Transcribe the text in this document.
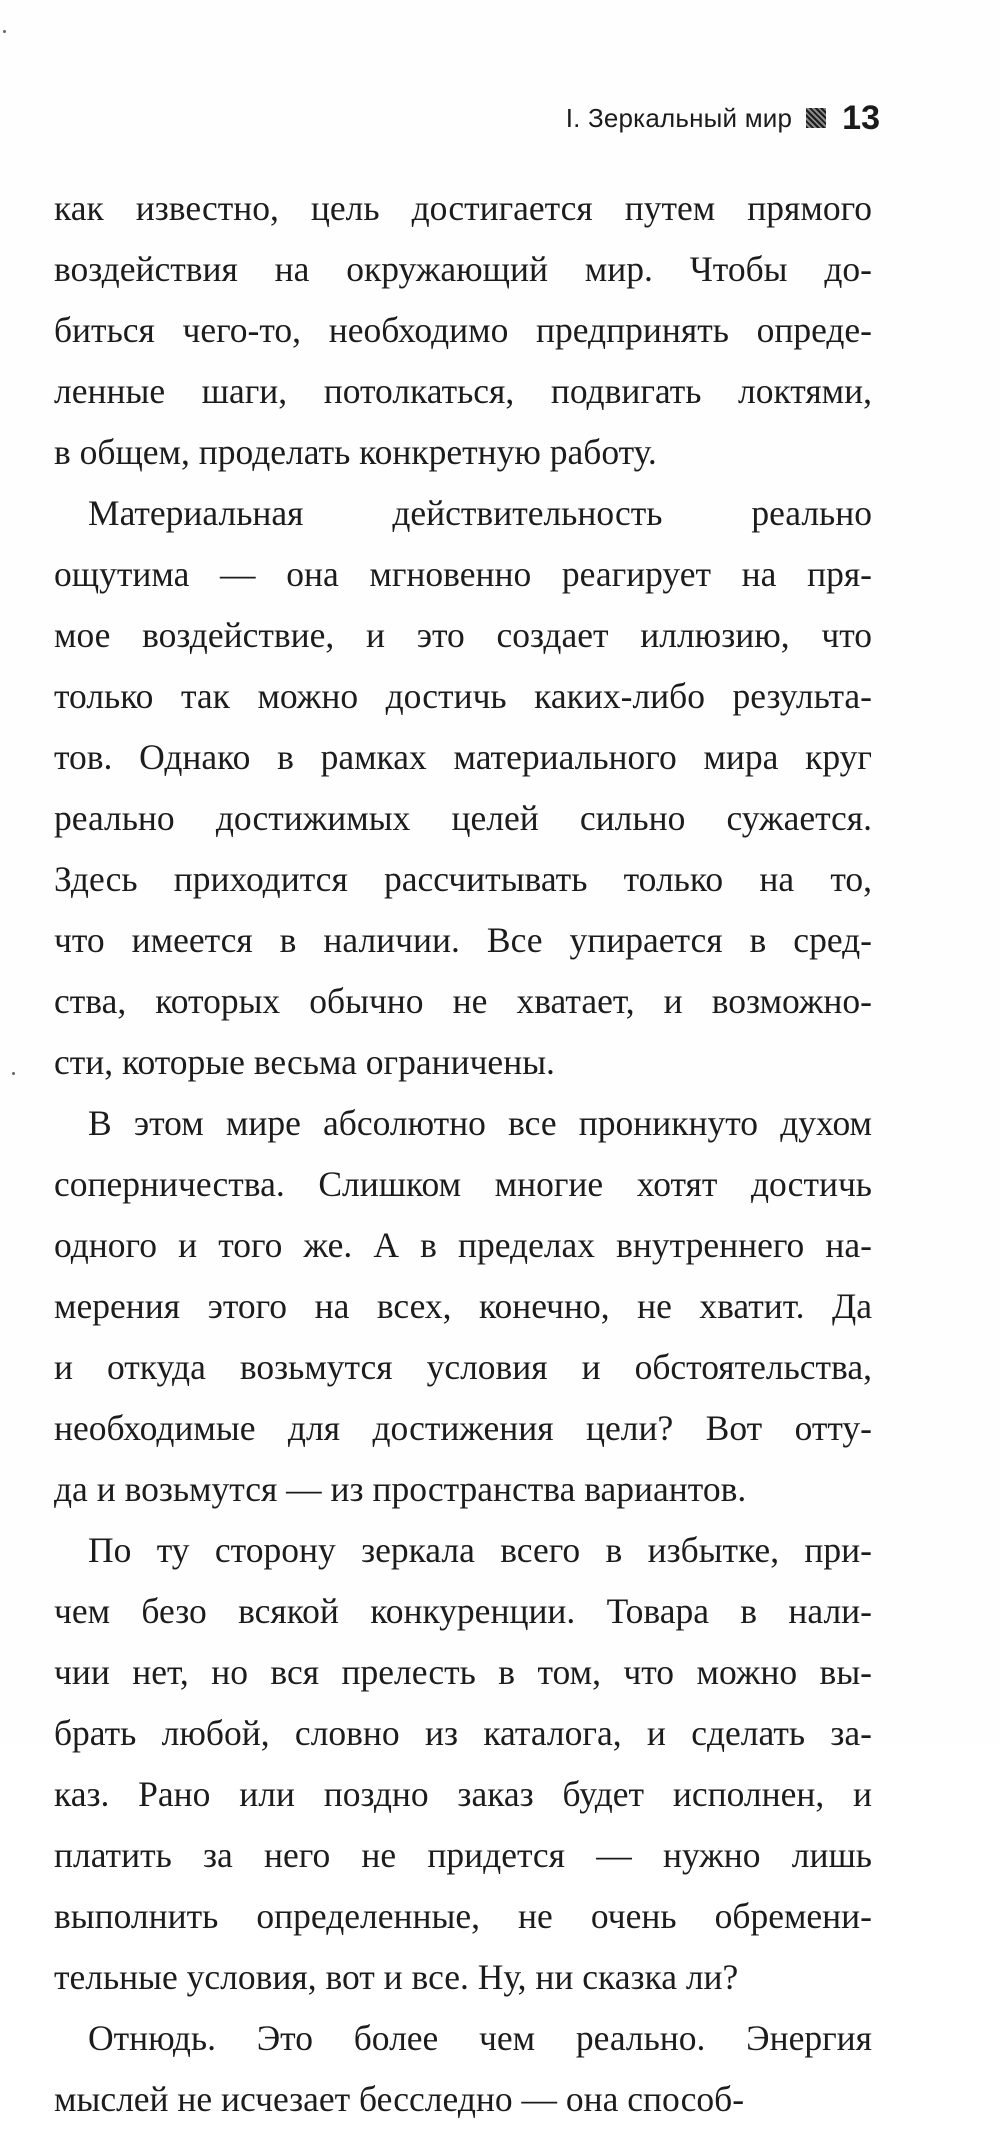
I. Зеркальный мир 13
как известно, цель достигается путем прямого
воздействия на окружающий мир. Чтобы до-
биться чего-то, необходимо предпринять опреде-
ленные шаги, потолкаться, подвигать локтями,
в общем, проделать конкретную работу.
Материальная действительность реально
ощутима — она мгновенно реагирует на пря-
мое воздействие, и это создает иллюзию, что
только так можно достичь каких-либо результа-
тов. Однако в рамках материального мира круг
реально достижимых целей сильно сужается.
Здесь приходится рассчитывать только на то,
что имеется в наличии. Все упирается в сред-
ства, которых обычно не хватает, и возможно-
сти, которые весьма ограничены.
В этом мире абсолютно все проникнуто духом
соперничества. Слишком многие хотят достичь
одного и того же. А в пределах внутреннего на-
мерения этого на всех, конечно, не хватит. Да
и откуда возьмутся условия и обстоятельства,
необходимые для достижения цели? Вот отту-
да и возьмутся — из пространства вариантов.
По ту сторону зеркала всего в избытке, при-
чем безо всякой конкуренции. Товара в нали-
чии нет, но вся прелесть в том, что можно вы-
брать любой, словно из каталога, и сделать за-
каз. Рано или поздно заказ будет исполнен, и
платить за него не придется — нужно лишь
выполнить определенные, не очень обремени-
тельные условия, вот и все. Ну, ни сказка ли?
Отнюдь. Это более чем реально. Энергия
мыслей не исчезает бесследно — она способ-
